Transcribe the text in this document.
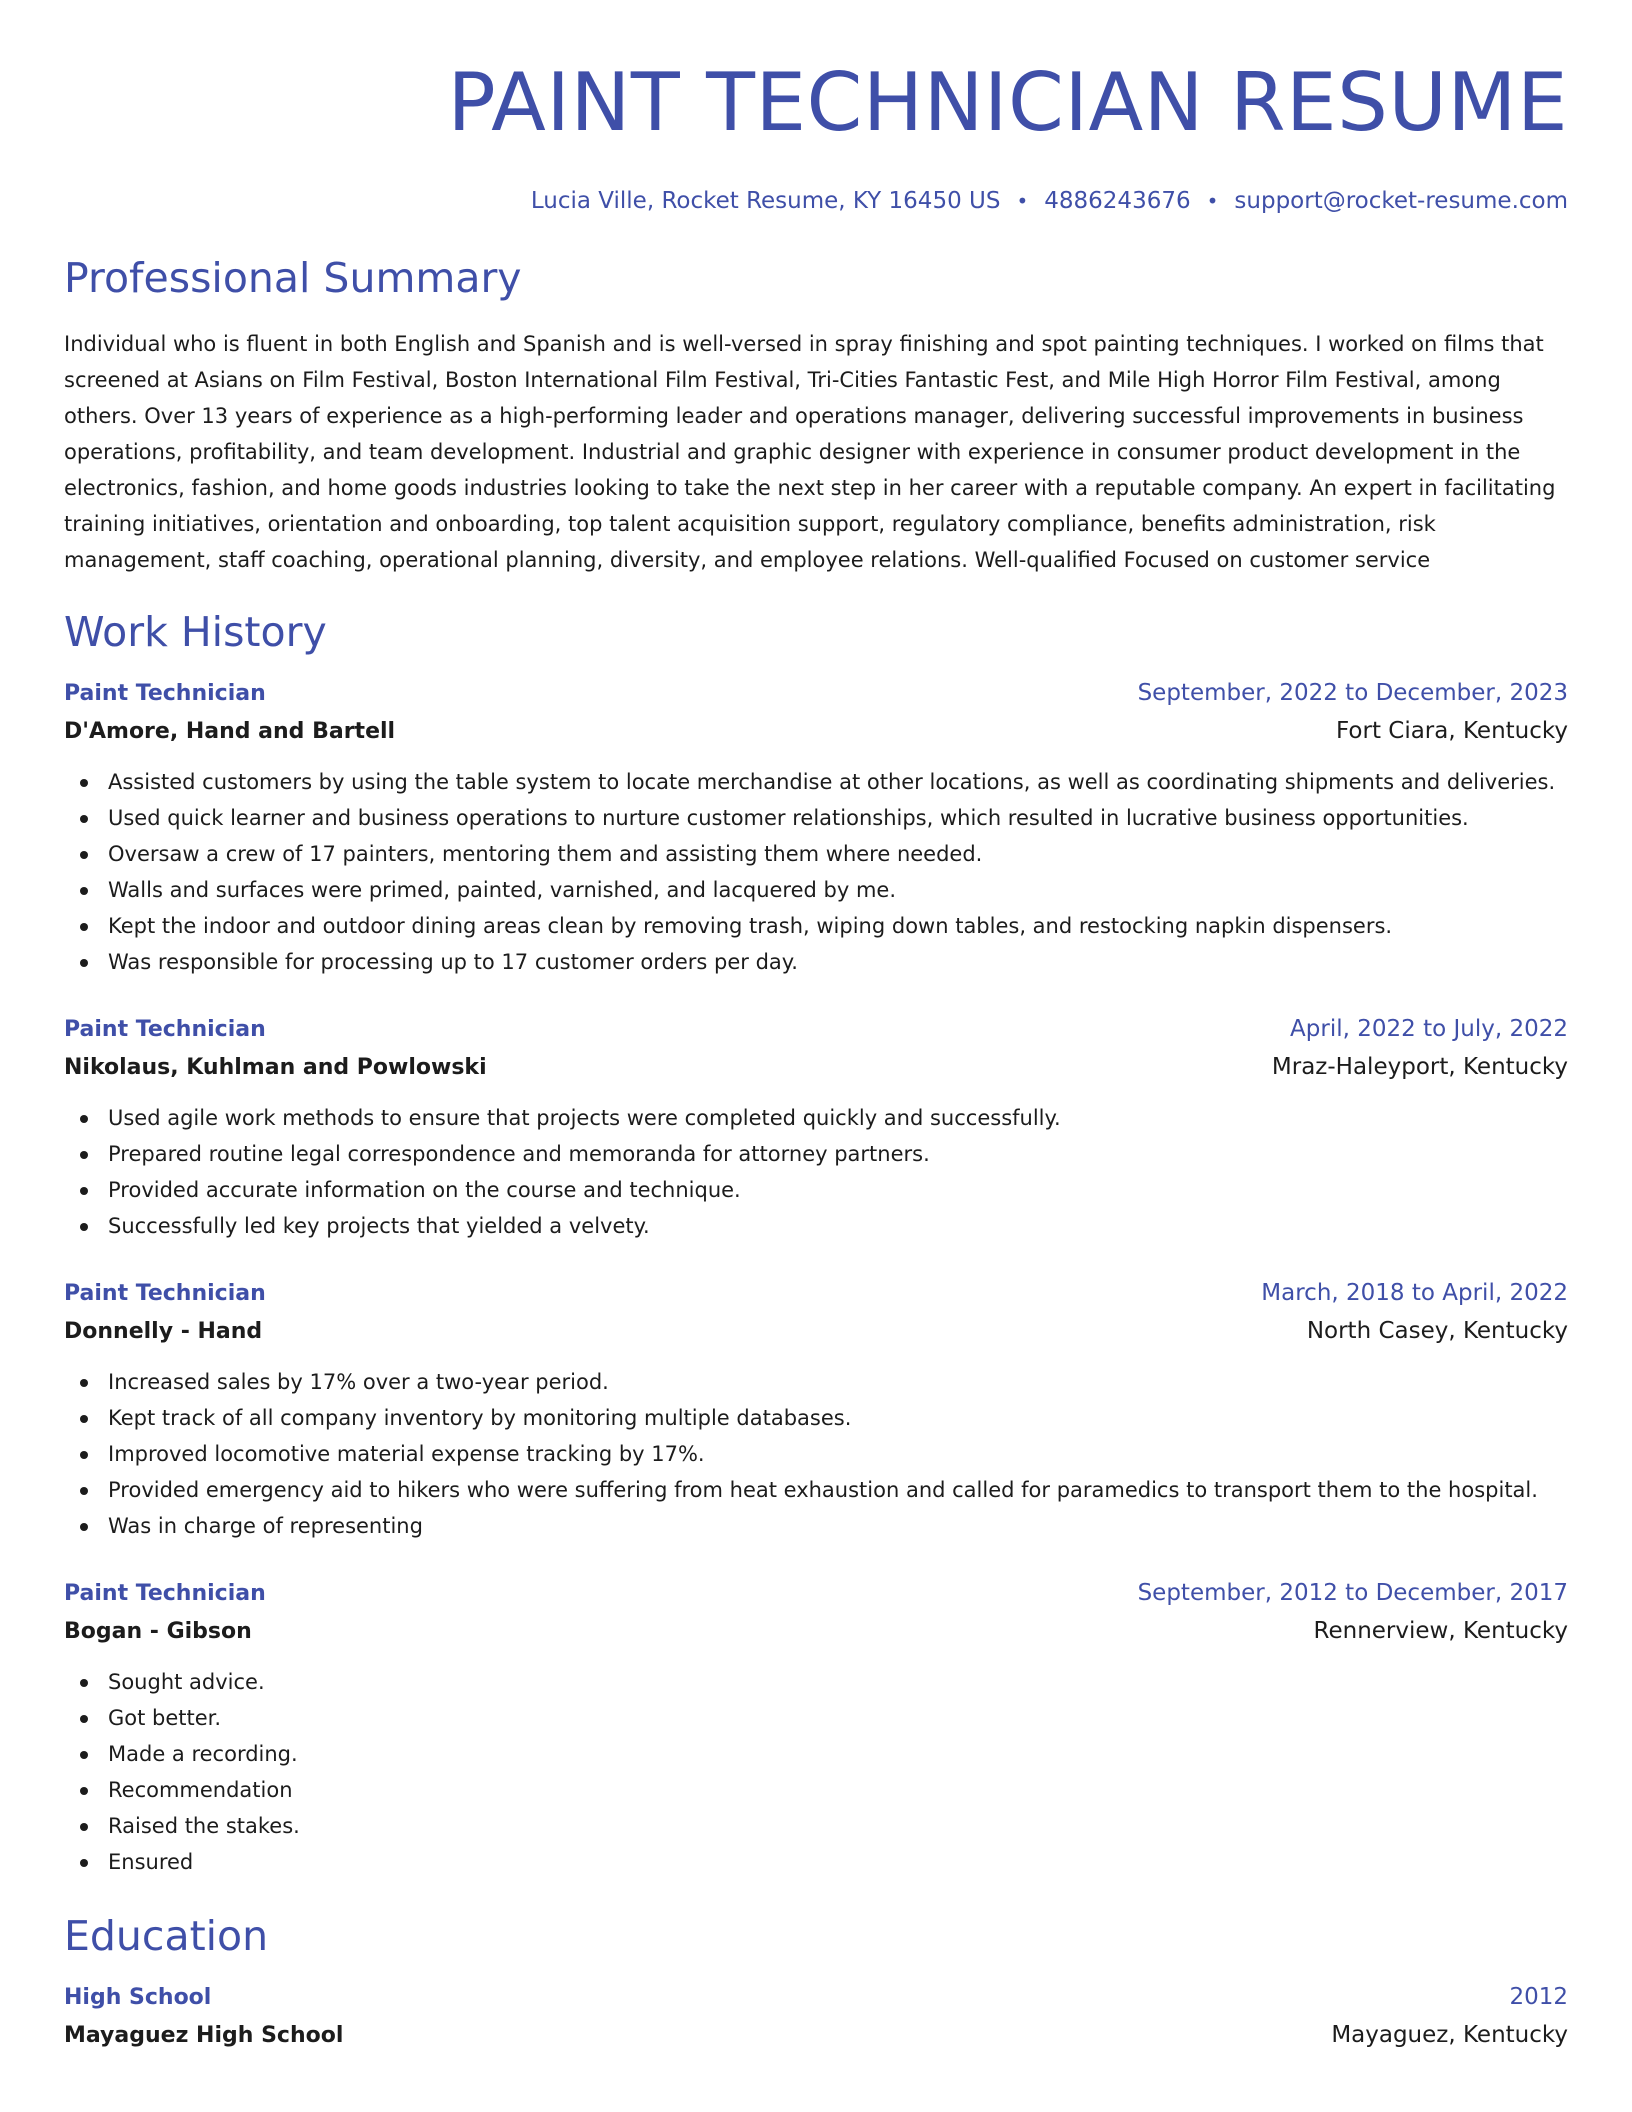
PAINT TECHNICIAN RESUME
Lucia Ville, Rocket Resume, KY 16450 US • 4886243676 • support@rocket-resume.com
Professional Summary

Individual who is fluent in both English and Spanish and is well-versed in spray finishing and spot painting techniques. I worked on films that screened at Asians on Film Festival, Boston International Film Festival, Tri-Cities Fantastic Fest, and Mile High Horror Film Festival, among others. Over 13 years of experience as a high-performing leader and operations manager, delivering successful improvements in business operations, profitability, and team development. Industrial and graphic designer with experience in consumer product development in the electronics, fashion, and home goods industries looking to take the next step in her career with a reputable company. An expert in facilitating training initiatives, orientation and onboarding, top talent acquisition support, regulatory compliance, benefits administration, risk management, staff coaching, operational planning, diversity, and employee relations. Well-qualified Focused on customer service

Work History
Paint Technician	September, 2022 to December, 2023
D'Amore, Hand and Bartell	Fort Ciara, Kentucky
Assisted customers by using the table system to locate merchandise at other locations, as well as coordinating shipments and deliveries.
Used quick learner and business operations to nurture customer relationships, which resulted in lucrative business opportunities.
Oversaw a crew of 17 painters, mentoring them and assisting them where needed.
Walls and surfaces were primed, painted, varnished, and lacquered by me.
Kept the indoor and outdoor dining areas clean by removing trash, wiping down tables, and restocking napkin dispensers.
Was responsible for processing up to 17 customer orders per day.
Paint Technician	April, 2022 to July, 2022
Nikolaus, Kuhlman and Powlowski	Mraz-Haleyport, Kentucky
Used agile work methods to ensure that projects were completed quickly and successfully.
Prepared routine legal correspondence and memoranda for attorney partners.
Provided accurate information on the course and technique.
Successfully led key projects that yielded a velvety.
Paint Technician	March, 2018 to April, 2022
Donnelly - Hand	North Casey, Kentucky
Increased sales by 17% over a two-year period.
Kept track of all company inventory by monitoring multiple databases.
Improved locomotive material expense tracking by 17%.
Provided emergency aid to hikers who were suffering from heat exhaustion and called for paramedics to transport them to the hospital.
Was in charge of representing
Paint Technician	September, 2012 to December, 2017
Bogan - Gibson	Rennerview, Kentucky
Sought advice.
Got better.
Made a recording.
Recommendation
Raised the stakes.
Ensured
Education
High School	2012
Mayaguez High School	Mayaguez, Kentucky
